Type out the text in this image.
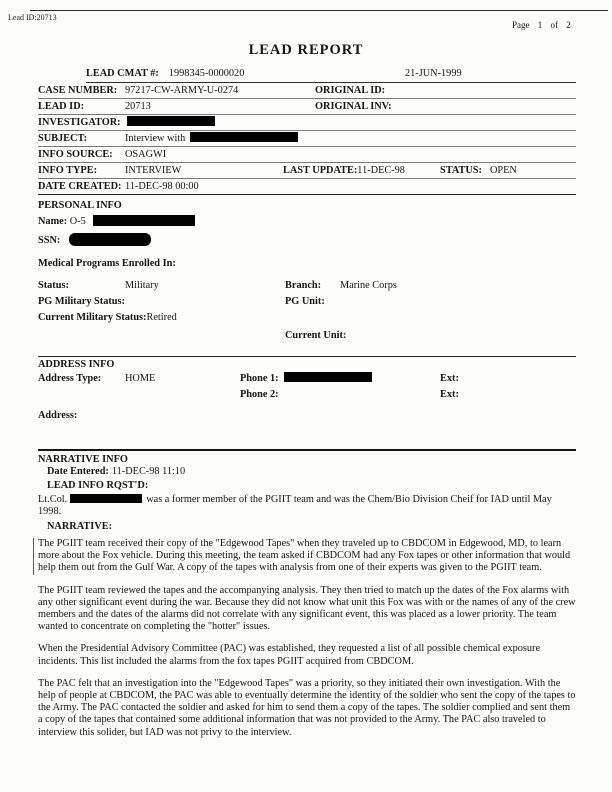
Lead ID:20713
Page 1 of 2
LEAD REPORT
LEAD CMAT #: 1998345-0000020	21-JUN-1999
CASE NUMBER: 97217-CW-ARMY-U-0274	ORIGINAL ID:
LEAD ID:	20713	ORIGINAL INV:
INVESTIGATOR:
SUBJECT:	Interview with
INFO SOURCE: OSAGWI
INFO TYPE:	INTERVIEW	LAST UPDATE:11-DEC-98	STATUS: OPEN
DATE CREATED: 11-DEC-98 00:00
PERSONAL INFO
Name: O-5
SSN:
Medical Programs Enrolled In:
Status:	Military	Branch: Marine Corps
PG Military Status:	PG Unit:
Current Military Status:Retired
Current Unit:
ADDRESS INFO
Address Type: HOME	Phone 1:	Ext:
Phone 2:	Ext:
Address:
NARRATIVE INFO
Date Entered: 11-DEC-98 11:10
LEAD INFO RQST'D:
Lt.Col.	was a former member of the PGIIT team and was the Chem/Bio Division Cheif for IAD until May 1998.
NARRATIVE:
The PGIIT team received their copy of the "Edgewood Tapes" when they traveled up to CBDCOM in Edgewood, MD, to learn more about the Fox vehicle. During this meeting, the team asked if CBDCOM had any Fox tapes or other information that would help them out from the Gulf War. A copy of the tapes with analysis from one of their experts was given to the PGIIT team.
The PGIIT team reviewed the tapes and the accompanying analysis. They then tried to match up the dates of the Fox alarms with any other significant event during the war. Because they did not know what unit this Fox was with or the names of any of the crew members and the dates of the alarms did not correlate with any significant event, this was placed as a lower priority. The team wanted to concentrate on completing the "hotter" issues.
When the Presidential Advisory Committee (PAC) was established, they requested a list of all possible chemical exposure incidents. This list included the alarms from the fox tapes PGIIT acquired from CBDCOM.
The PAC felt that an investigation into the "Edgewood Tapes" was a priority, so they initiated their own investigation. With the help of people at CBDCOM, the PAC was able to eventually determine the identity of the soldier who sent the copy of the tapes to the Army. The PAC contacted the soldier and asked for him to send them a copy of the tapes. The soldier complied and sent them a copy of the tapes that contained some additional information that was not provided to the Army. The PAC also traveled to interview this solider, but IAD was not privy to the interview.
